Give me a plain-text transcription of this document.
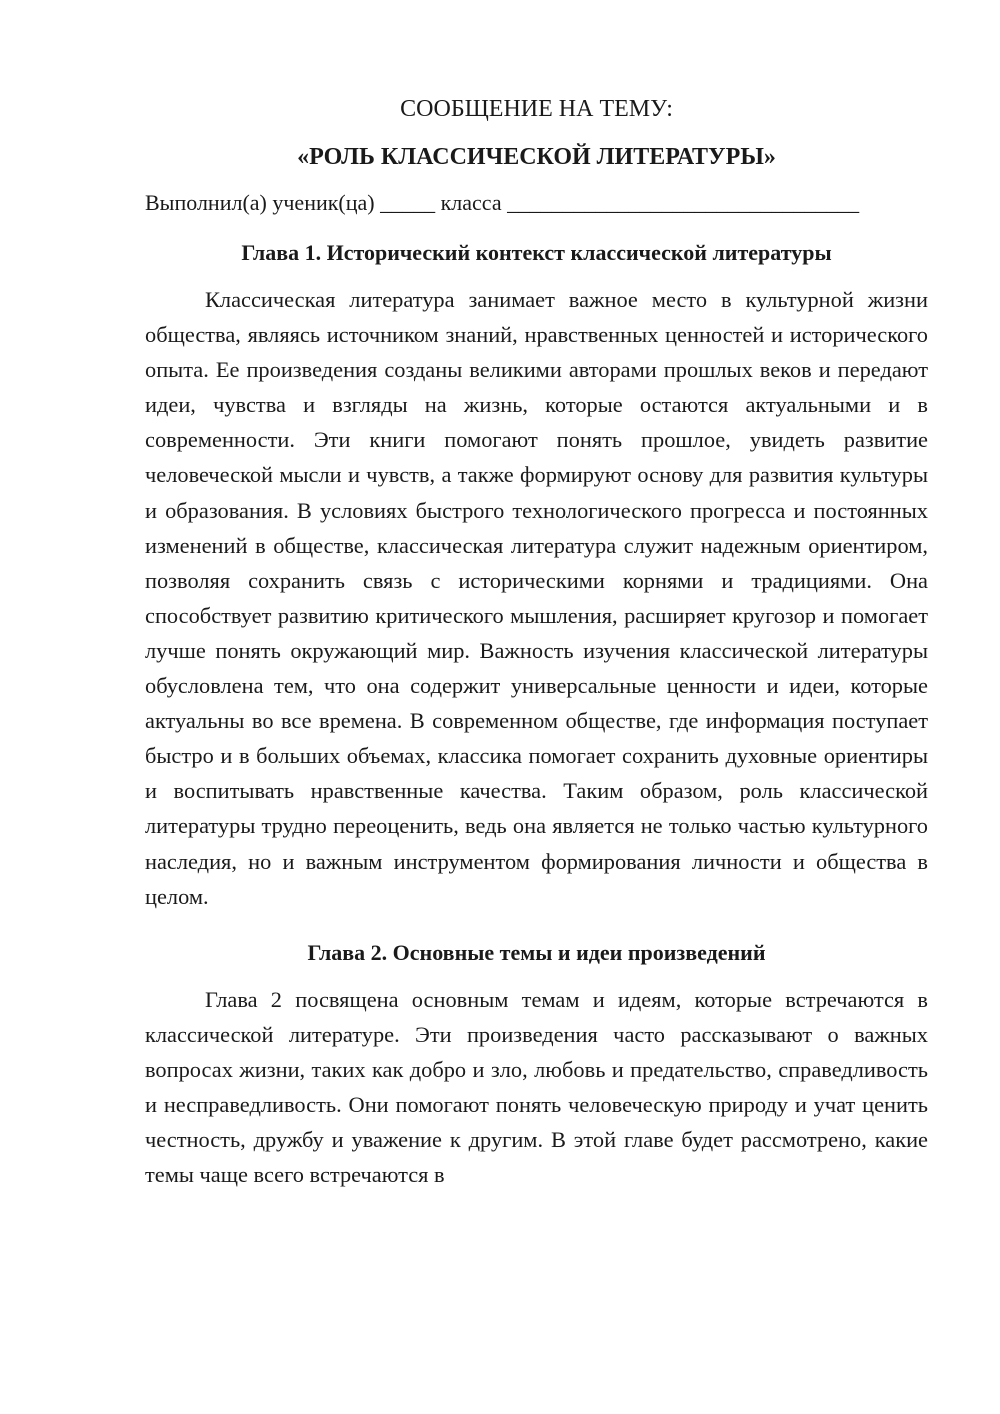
СООБЩЕНИЕ НА ТЕМУ:

«РОЛЬ КЛАССИЧЕСКОЙ ЛИТЕРАТУРЫ»

Выполнил(а) ученик(ца) _____ класса ________________________________

Глава 1. Исторический контекст классической литературы

Классическая литература занимает важное место в культурной жизни общества, являясь источником знаний, нравственных ценностей и исторического опыта. Ее произведения созданы великими авторами прошлых веков и передают идеи, чувства и взгляды на жизнь, которые остаются актуальными и в современности. Эти книги помогают понять прошлое, увидеть развитие человеческой мысли и чувств, а также формируют основу для развития культуры и образования. В условиях быстрого технологического прогресса и постоянных изменений в обществе, классическая литература служит надежным ориентиром, позволяя сохранить связь с историческими корнями и традициями. Она способствует развитию критического мышления, расширяет кругозор и помогает лучше понять окружающий мир. Важность изучения классической литературы обусловлена тем, что она содержит универсальные ценности и идеи, которые актуальны во все времена. В современном обществе, где информация поступает быстро и в больших объемах, классика помогает сохранить духовные ориентиры и воспитывать нравственные качества. Таким образом, роль классической литературы трудно переоценить, ведь она является не только частью культурного наследия, но и важным инструментом формирования личности и общества в целом.

Глава 2. Основные темы и идеи произведений

Глава 2 посвящена основным темам и идеям, которые встречаются в классической литературе. Эти произведения часто рассказывают о важных вопросах жизни, таких как добро и зло, любовь и предательство, справедливость и несправедливость. Они помогают понять человеческую природу и учат ценить честность, дружбу и уважение к другим. В этой главе будет рассмотрено, какие темы чаще всего встречаются в
